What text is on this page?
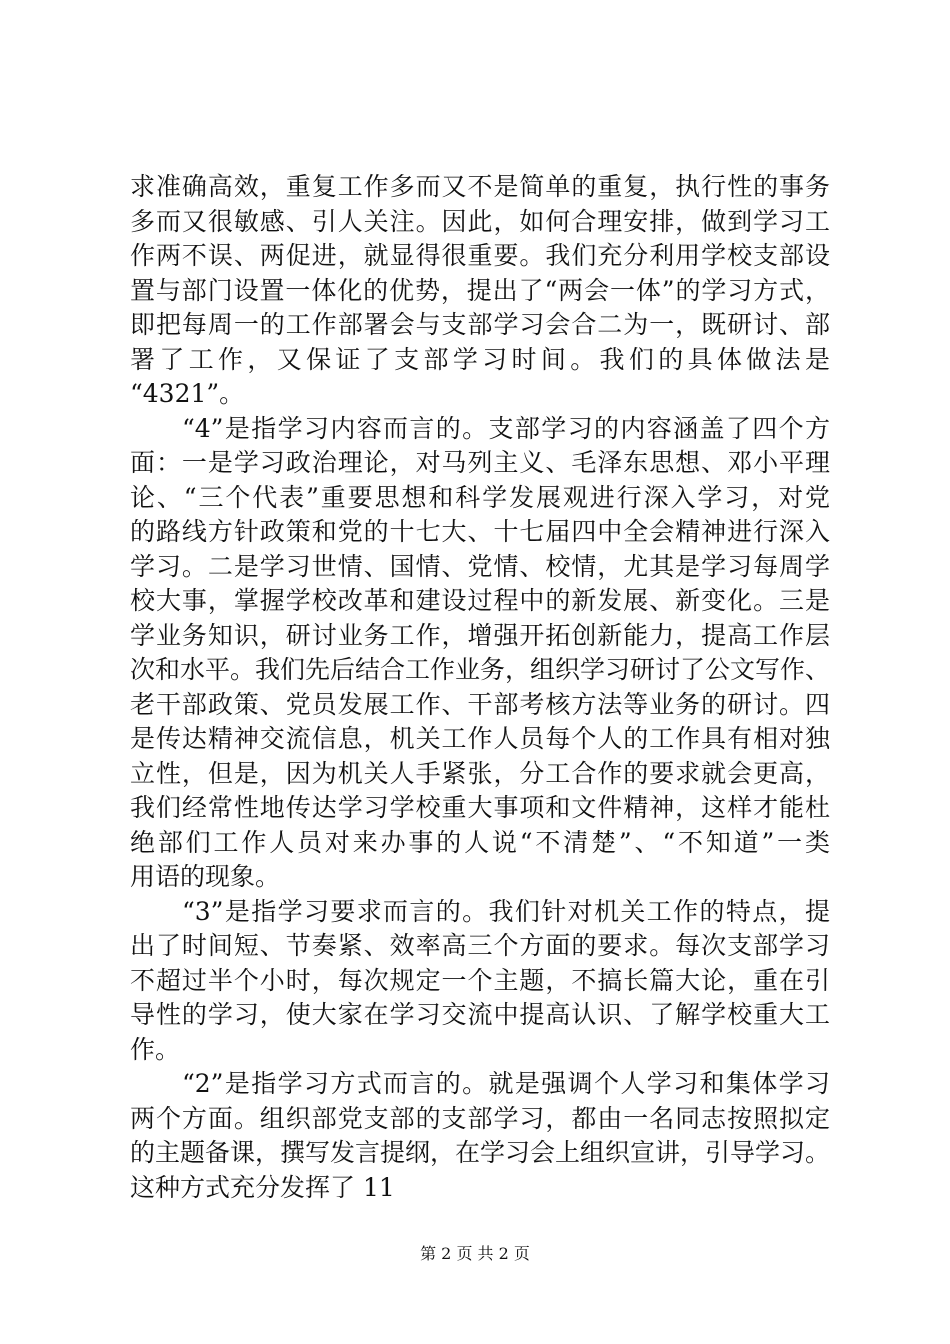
求准确高效，重复工作多而又不是简单的重复，执行性的事务
多而又很敏感、引人关注。因此，如何合理安排，做到学习工
作两不误、两促进，就显得很重要。我们充分利用学校支部设
置与部门设置一体化的优势，提出了“两会一体”的学习方式，
即把每周一的工作部署会与支部学习会合二为一，既研讨、部
署了工作，又保证了支部学习时间。我们的具体做法是
“4321”。
“4”是指学习内容而言的。支部学习的内容涵盖了四个方
面：一是学习政治理论，对马列主义、毛泽东思想、邓小平理
论、“三个代表”重要思想和科学发展观进行深入学习，对党
的路线方针政策和党的十七大、十七届四中全会精神进行深入
学习。二是学习世情、国情、党情、校情，尤其是学习每周学
校大事，掌握学校改革和建设过程中的新发展、新变化。三是
学业务知识，研讨业务工作，增强开拓创新能力，提高工作层
次和水平。我们先后结合工作业务，组织学习研讨了公文写作、
老干部政策、党员发展工作、干部考核方法等业务的研讨。四
是传达精神交流信息，机关工作人员每个人的工作具有相对独
立性，但是，因为机关人手紧张，分工合作的要求就会更高，
我们经常性地传达学习学校重大事项和文件精神，这样才能杜
绝部们工作人员对来办事的人说“不清楚”、“不知道”一类
用语的现象。
“3”是指学习要求而言的。我们针对机关工作的特点，提
出了时间短、节奏紧、效率高三个方面的要求。每次支部学习
不超过半个小时，每次规定一个主题，不搞长篇大论，重在引
导性的学习，使大家在学习交流中提高认识、了解学校重大工
作。
“2”是指学习方式而言的。就是强调个人学习和集体学习
两个方面。组织部党支部的支部学习，都由一名同志按照拟定
的主题备课，撰写发言提纲，在学习会上组织宣讲，引导学习。
这种方式充分发挥了 11
第 2 页 共 2 页
